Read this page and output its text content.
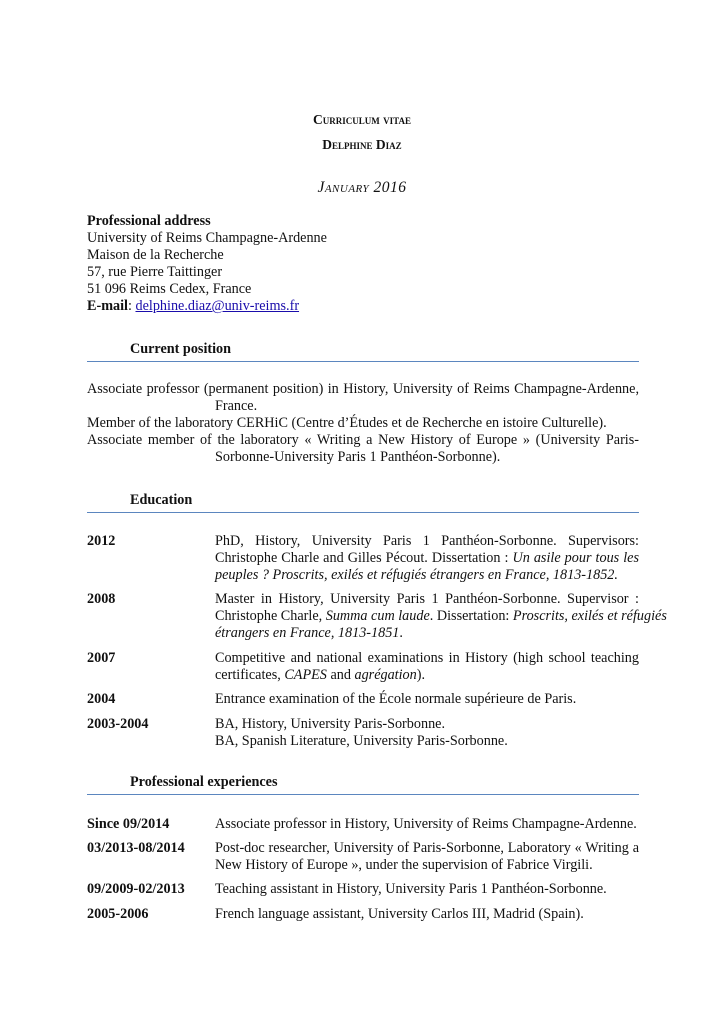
Curriculum vitae
Delphine Diaz
January 2016
Professional address
University of Reims Champagne-Ardenne
Maison de la Recherche
57, rue Pierre Taittinger
51 096 Reims Cedex, France
E-mail: delphine.diaz@univ-reims.fr
Current position

Associate professor (permanent position) in History, University of Reims Champagne-Ardenne, France.

Member of the laboratory CERHiC (Centre d’Études et de Recherche en istoire Culturelle).

Associate member of the laboratory « Writing a New History of Europe » (University Paris-Sorbonne-University Paris 1 Panthéon-Sorbonne).

Education
2012	PhD, History, University Paris 1 Panthéon-Sorbonne. Supervisors:
Christophe Charle and Gilles Pécout. Dissertation : Un asile pour tous les
peuples ? Proscrits, exilés et réfugiés étrangers en France, 1813-1852.
2008	Master in History, University Paris 1 Panthéon-Sorbonne. Supervisor :
Christophe Charle, Summa cum laude. Dissertation: Proscrits, exilés et réfugiés
étrangers en France, 1813-1851.
2007	Competitive and national examinations in History (high school teaching
certificates, CAPES and agrégation).
2004	Entrance examination of the École normale supérieure de Paris.
2003-2004	BA, History, University Paris-Sorbonne.
BA, Spanish Literature, University Paris-Sorbonne.
Professional experiences
Since 09/2014	Associate professor in History, University of Reims Champagne-Ardenne.
03/2013-08/2014 Post-doc researcher, University of Paris-Sorbonne, Laboratory « Writing a
New History of Europe », under the supervision of Fabrice Virgili.
09/2009-02/2013 Teaching assistant in History, University Paris 1 Panthéon-Sorbonne.
2005-2006	French language assistant, University Carlos III, Madrid (Spain).
